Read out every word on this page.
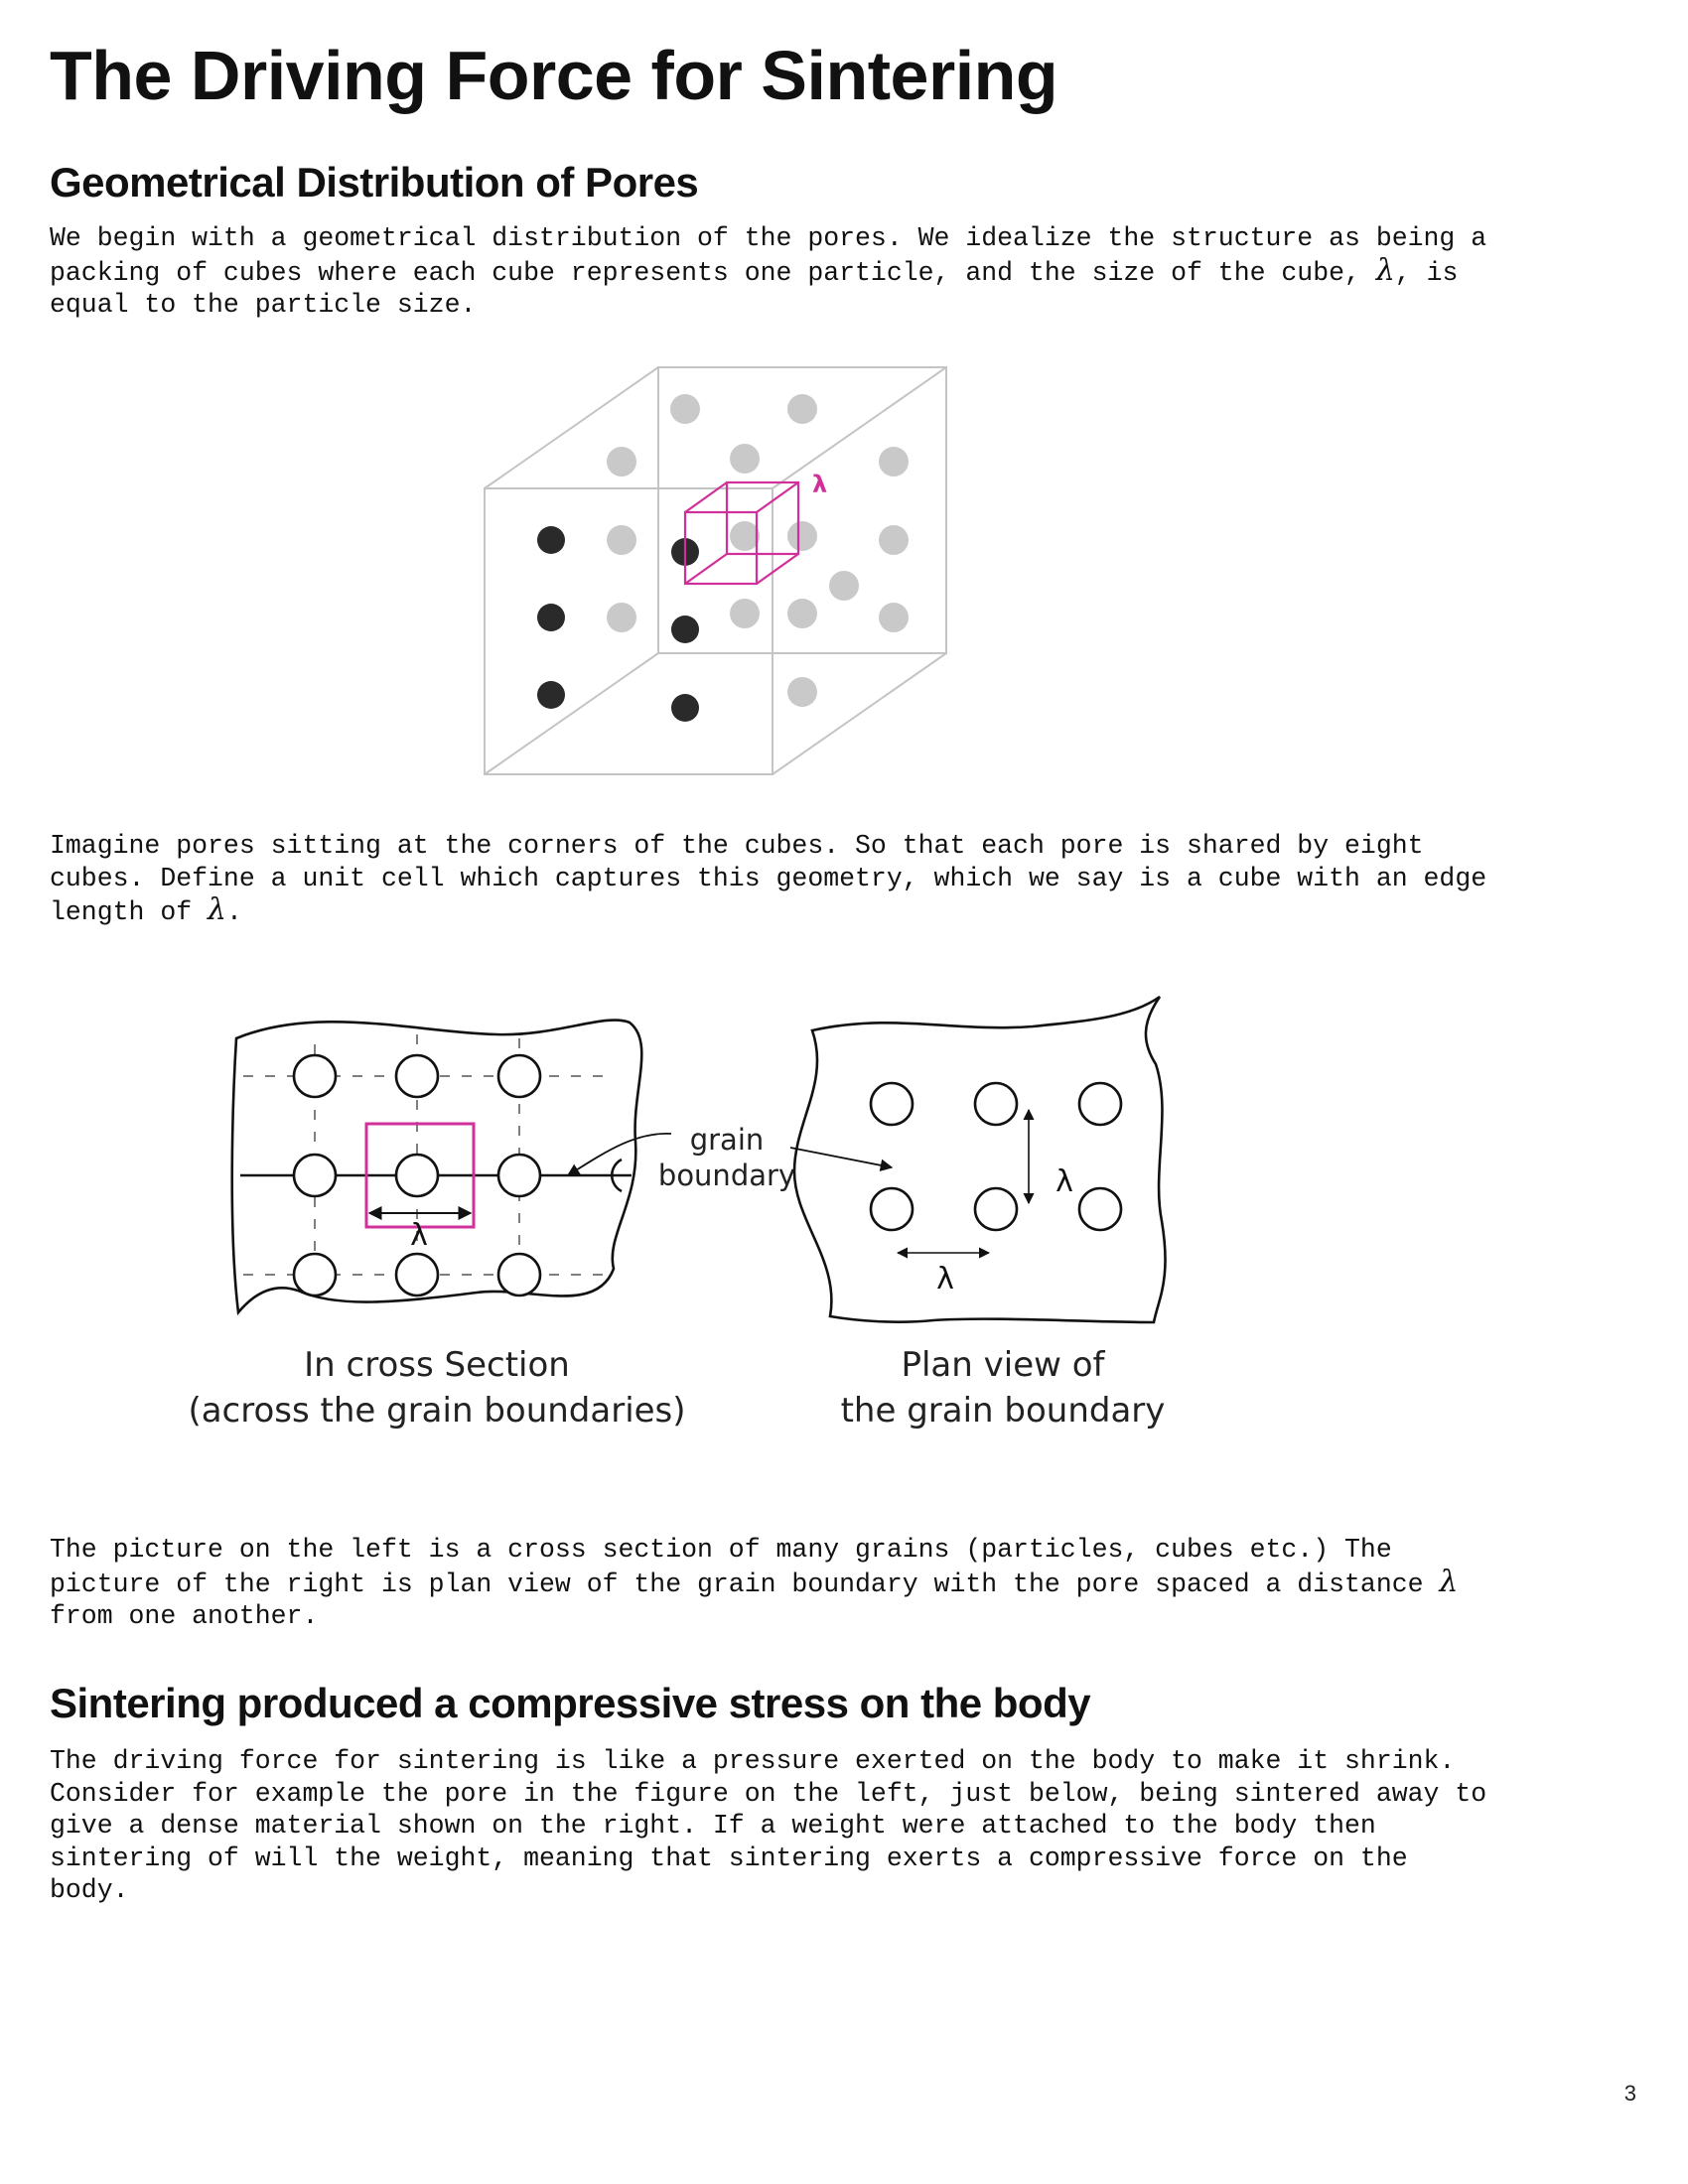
The Driving Force for Sintering
Geometrical Distribution of Pores
We begin with a geometrical distribution of the pores. We idealize the structure as being a
packing of cubes where each cube represents one particle, and the size of the cube, λ, is
equal to the particle size.
λ
Imagine pores sitting at the corners of the cubes. So that each pore is shared by eight
cubes. Define a unit cell which captures this geometry, which we say is a cube with an edge
length of λ.
λ
grain
boundary	λ
λ
In cross Section
(across the grain boundaries)
Plan view of
the grain boundary
The picture on the left is a cross section of many grains (particles, cubes etc.) The
picture of the right is plan view of the grain boundary with the pore spaced a distance λ
from one another.
Sintering produced a compressive stress on the body
The driving force for sintering is like a pressure exerted on the body to make it shrink.
Consider for example the pore in the figure on the left, just below, being sintered away to
give a dense material shown on the right. If a weight were attached to the body then
sintering of will the weight, meaning that sintering exerts a compressive force on the
body.
3
